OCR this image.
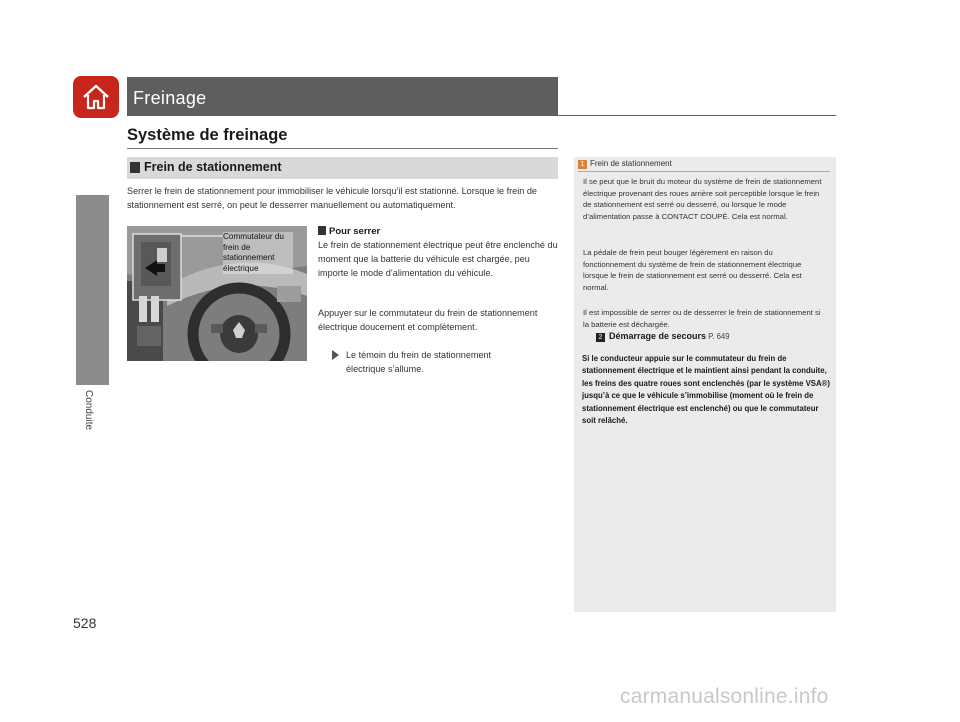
Freinage
Conduite
528
Système de freinage
Frein de stationnement
Serrer le frein de stationnement pour immobiliser le véhicule lorsqu’il est stationné. Lorsque le frein de stationnement est serré, on peut le desserrer manuellement ou automatiquement.
Commutateur du frein de stationnement électrique
Pour serrer
Le frein de stationnement électrique peut être enclenché du moment que la batterie du véhicule est chargée, peu importe le mode d’alimentation du véhicule.
Appuyer sur le commutateur du frein de stationnement électrique doucement et complètement.
Le témoin du frein de stationnement électrique s’allume.
1 Frein de stationnement
Il se peut que le bruit du moteur du système de frein de stationnement électrique provenant des roues arrière soit perceptible lorsque le frein de stationnement est serré ou desserré, ou lorsque le mode d’alimentation passe à CONTACT COUPÉ. Cela est normal.
La pédale de frein peut bouger légèrement en raison du fonctionnement du système de frein de stationnement électrique lorsque le frein de stationnement est serré ou desserré. Cela est normal.
Il est impossible de serrer ou de desserrer le frein de stationnement si la batterie est déchargée.
2 Démarrage de secours P. 649
Si le conducteur appuie sur le commutateur du frein de stationnement électrique et le maintient ainsi pendant la conduite, les freins des quatre roues sont enclenchés (par le système VSA®) jusqu’à ce que le véhicule s’immobilise (moment où le frein de stationnement électrique est enclenché) ou que le commutateur soit relâché.
carmanualsonline.info
